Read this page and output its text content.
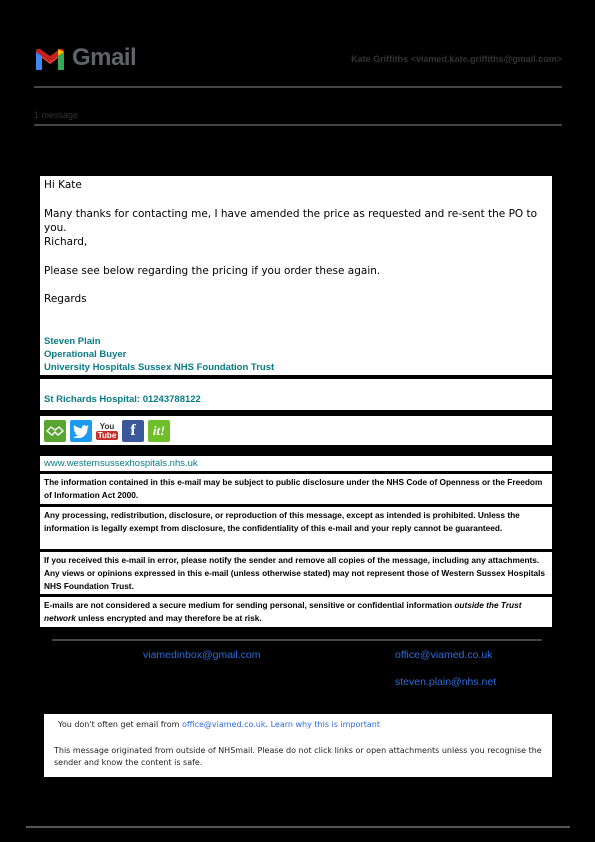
Gmail	Kate Griffiths <viamed.kate.griffiths@gmail.com>
1 message

Hi Kate

Many thanks for contacting me, I have amended the price as requested and re-sent the PO to you.

Richard,

Please see below regarding the pricing if you order these again.

Regards

Steven Plain
Operational Buyer
University Hospitals Sussex NHS Foundation Trust
St Richards Hospital: 01243788122
You
Tube f	it!
www.westernsussexhospitals.nhs.uk
The information contained in this e-mail may be subject to public disclosure under the NHS Code of Openness or the Freedom of Information Act 2000.
Any processing, redistribution, disclosure, or reproduction of this message, except as intended is prohibited. Unless the information is legally exempt from disclosure, the confidentiality of this e-mail and your reply cannot be guaranteed.
If you received this e-mail in error, please notify the sender and remove all copies of the message, including any attachments. Any views or opinions expressed in this e-mail (unless otherwise stated) may not represent those of Western Sussex Hospitals NHS Foundation Trust.
E-mails are not considered a secure medium for sending personal, sensitive or confidential information outside the Trust network unless encrypted and may therefore be at risk.
viamedinbox@gmail.com	office@viamed.co.uk
steven.plain@nhs.net
You don't often get email from office@viamed.co.uk. Learn why this is important
This message originated from outside of NHSmail. Please do not click links or open attachments unless you recognise the sender and know the content is safe.
